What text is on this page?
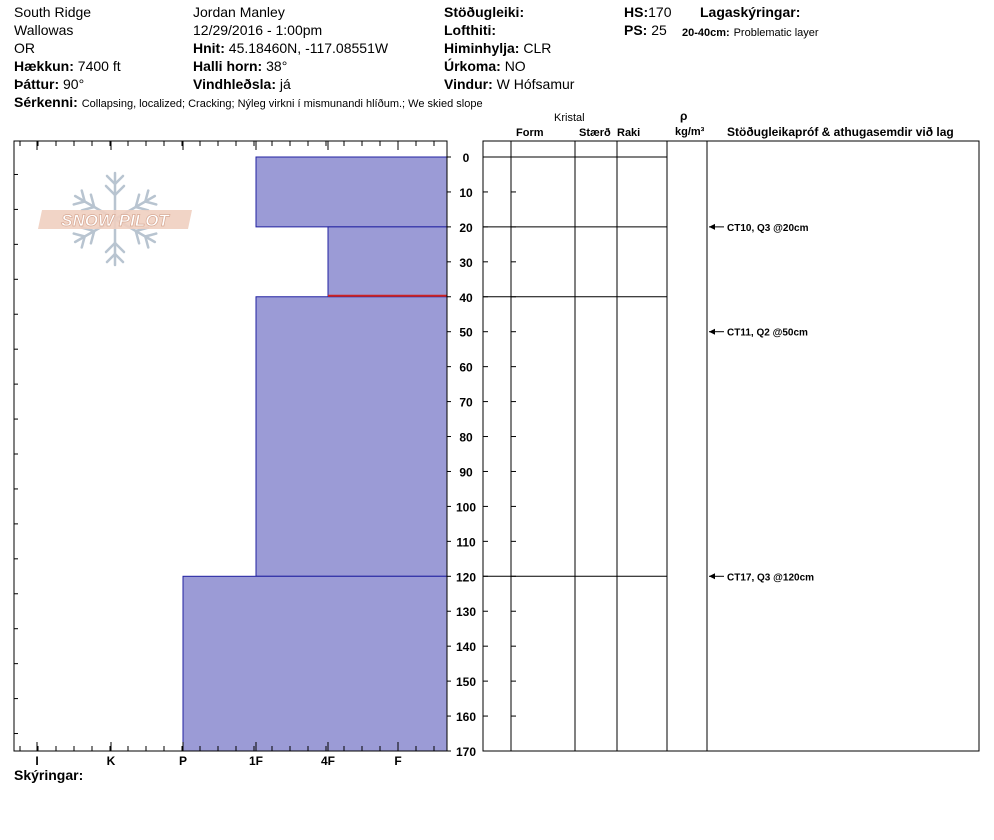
South Ridge
Wallowas
OR
Hækkun: 7400 ft
Þáttur: 90°
Jordan Manley
12/29/2016 - 1:00pm
Hnit: 45.18460N, -117.08551W
Halli horn: 38°
Vindhleðsla: já
Stöðugleiki:
Lofthiti:
Himinhylja: CLR
Úrkoma: NO
Vindur: W Hófsamur
HS:170
PS: 25
Lagaskýringar:
20-40cm: Problematic layer
Sérkenni: Collapsing, localized; Cracking; Nýleg virkni í mismunandi hlíðum.; We skied slope
Kristal
Form	Stærð Raki
ρ
kg/m³ Stöðugleikapróf & athugasemdir við lag
Skýringar:
SNOW PILOT
I	K	P	1F	4F	F
0
10
20
30
40
50
60
70
80
90
100
110
120
130
140
150
160
170
CT10, Q3 @20cm
CT11, Q2 @50cm
CT17, Q3 @120cm
